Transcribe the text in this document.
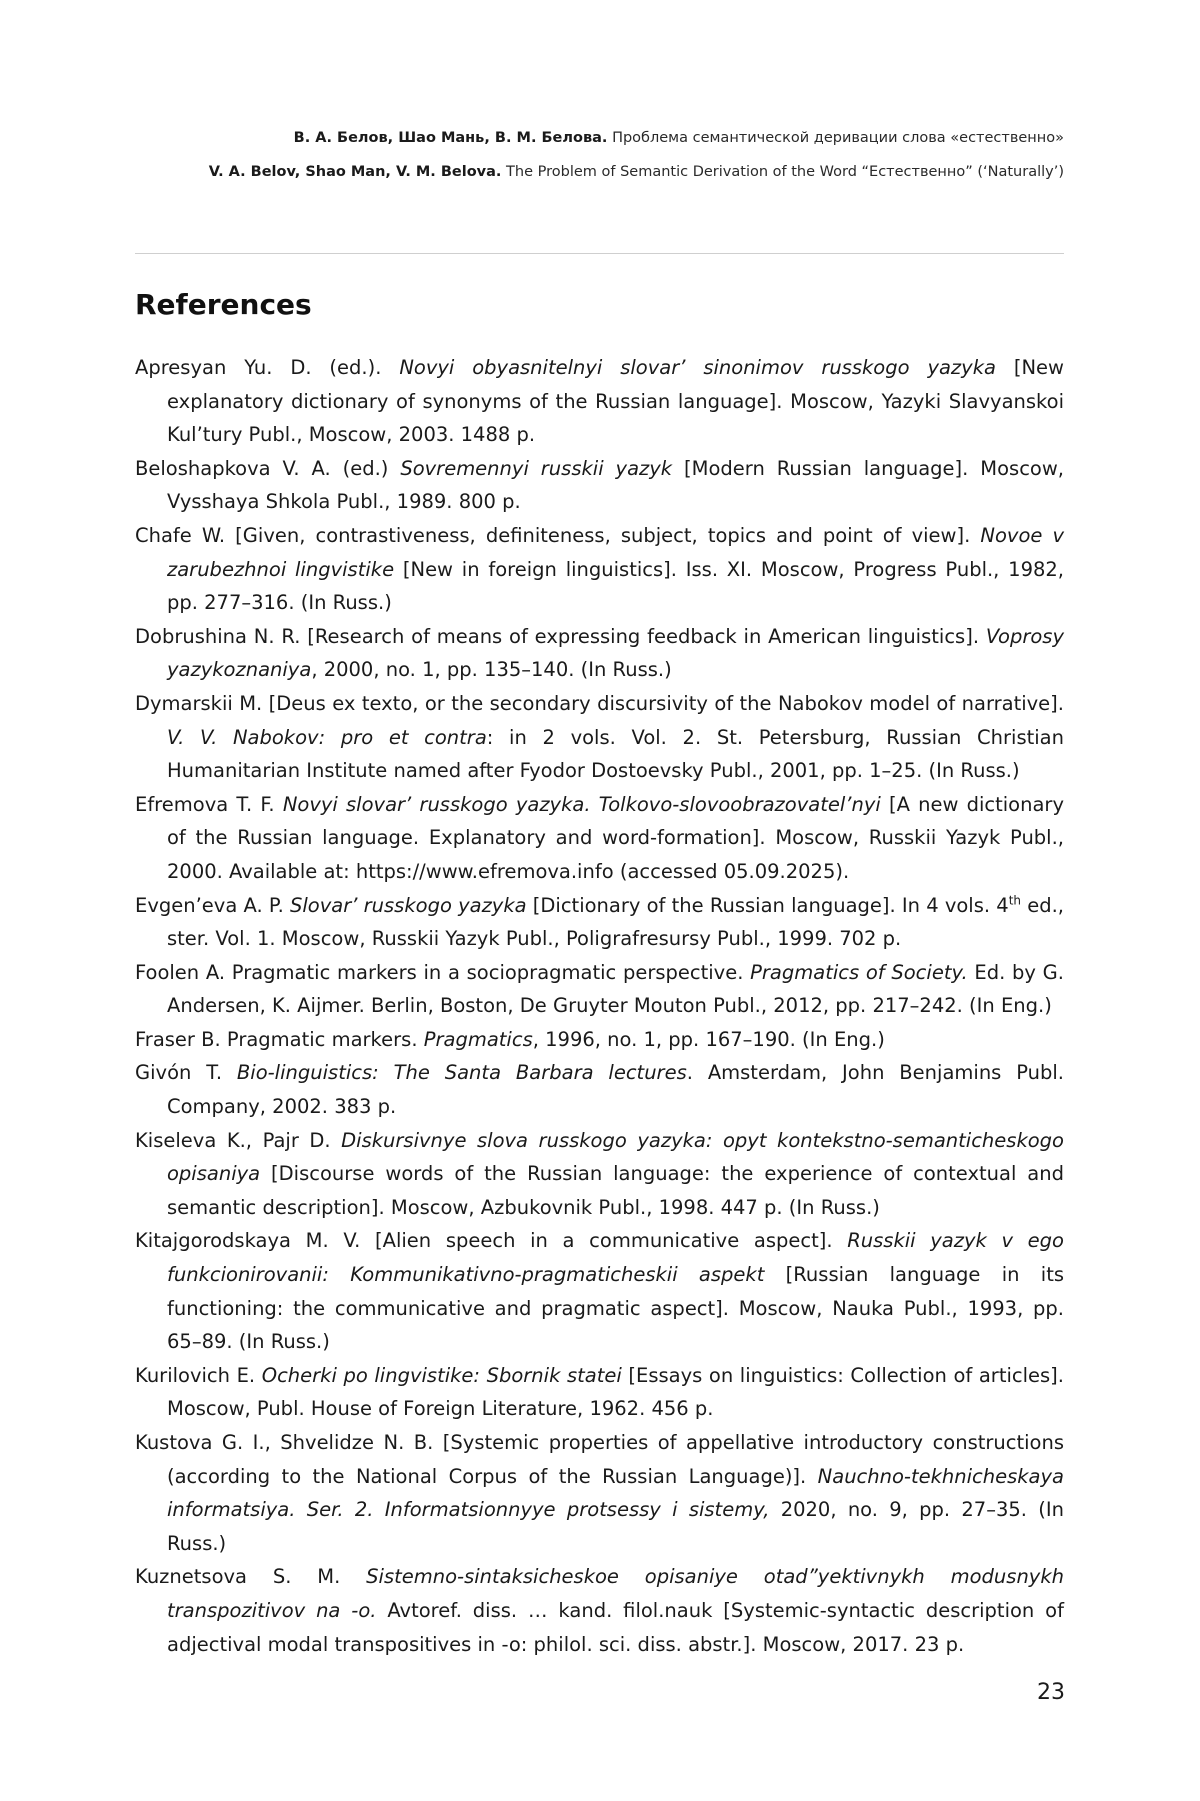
В. А. Белов, Шао Мань, В. М. Белова. Проблема семантической деривации слова «естественно»
V. A. Belov, Shao Man, V. M. Belova. The Problem of Semantic Derivation of the Word “Естественно” (‘Naturally’)
References
Apresyan Yu. D. (ed.). Novyi obyasnitelnyi slovar’ sinonimov russkogo yazyka [New explanatory dictionary of synonyms of the Russian language]. Moscow, Yazyki Slavyanskoi Kul’tury Publ., Moscow, 2003. 1488 p.
Beloshapkova V. A. (ed.) Sovremennyi russkii yazyk [Modern Russian language]. Moscow, Vysshaya Shkola Publ., 1989. 800 p.
Chafe W. [Given, contrastiveness, definiteness, subject, topics and point of view]. Novoe v zarubezhnoi lingvistike [New in foreign linguistics]. Iss. XI. Moscow, Progress Publ., 1982, pp. 277–316. (In Russ.)
Dobrushina N. R. [Research of means of expressing feedback in American linguistics]. Voprosy yazykoznaniya, 2000, no. 1, pp. 135–140. (In Russ.)
Dymarskii M. [Deus ex texto, or the secondary discursivity of the Nabokov model of narrative]. V. V. Nabokov: pro et contra: in 2 vols. Vol. 2. St. Petersburg, Russian Christian Humanitarian Institute named after Fyodor Dostoevsky Publ., 2001, pp. 1–25. (In Russ.)
Efremova T. F. Novyi slovar’ russkogo yazyka. Tolkovo-slovoobrazovatel’nyi [A new dictionary of the Russian language. Explanatory and word-formation]. Moscow, Russkii Yazyk Publ., 2000. Available at: https://www.efremova.info (accessed 05.09.2025).
Evgen’eva A. P. Slovar’ russkogo yazyka [Dictionary of the Russian language]. In 4 vols. 4th ed., ster. Vol. 1. Moscow, Russkii Yazyk Publ., Poligrafresursy Publ., 1999. 702 p.
Foolen A. Pragmatic markers in a sociopragmatic perspective. Pragmatics of Society. Ed. by G. Andersen, K. Aijmer. Berlin, Boston, De Gruyter Mouton Publ., 2012, pp. 217–242. (In Eng.)
Fraser B. Pragmatic markers. Pragmatics, 1996, no. 1, pp. 167–190. (In Eng.)
Givón T. Bio-linguistics: The Santa Barbara lectures. Amsterdam, John Benjamins Publ. Company, 2002. 383 p.
Kiseleva K., Pajr D. Diskursivnye slova russkogo yazyka: opyt kontekstno-semanticheskogo opisaniya [Discourse words of the Russian language: the experience of contextual and semantic description]. Moscow, Azbukovnik Publ., 1998. 447 p. (In Russ.)
Kitajgorodskaya M. V. [Alien speech in a communicative aspect]. Russkii yazyk v ego funkcionirovanii: Kommunikativno-pragmaticheskii aspekt [Russian language in its functioning: the communicative and pragmatic aspect]. Moscow, Nauka Publ., 1993, pp. 65–89. (In Russ.)
Kurilovich E. Ocherki po lingvistike: Sbornik statei [Essays on linguistics: Collection of articles]. Moscow, Publ. House of Foreign Literature, 1962. 456 p.
Kustova G. I., Shvelidze N. B. [Systemic properties of appellative introductory constructions (according to the National Corpus of the Russian Language)]. Nauchno-tekhnicheskaya informatsiya. Ser. 2. Informatsionnyye protsessy i sistemy, 2020, no. 9, pp. 27–35. (In Russ.)
Kuznetsova S. M. Sistemno-sintaksicheskoe opisaniye otad”yektivnykh modusnykh transpozitivov na -o. Avtoref. diss. … kand. filol.nauk [Systemic-syntactic description of adjectival modal transpositives in -o: philol. sci. diss. abstr.]. Moscow, 2017. 23 p.
23
